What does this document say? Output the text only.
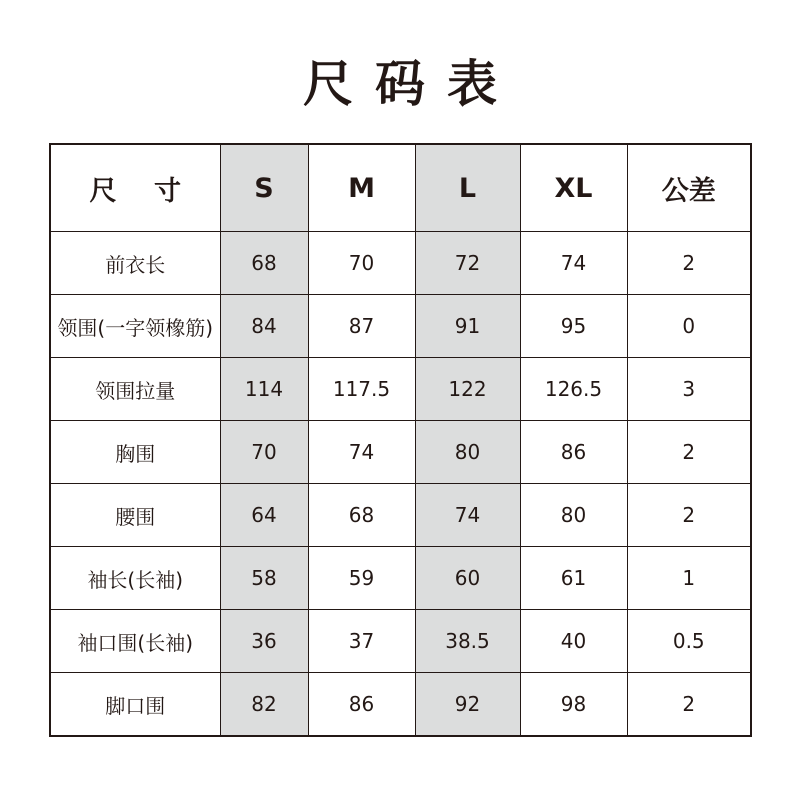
尺码表
尺 寸	S	M	L	XL	公差
前衣长	68	70	72	74	2
领围(一字领橡筋)	84	87	91	95	0
领围拉量	114	117.5	122	126.5	3
胸围	70	74	80	86	2
腰围	64	68	74	80	2
袖长(长袖)	58	59	60	61	1
袖口围(长袖)	36	37	38.5	40	0.5
脚口围	82	86	92	98	2
